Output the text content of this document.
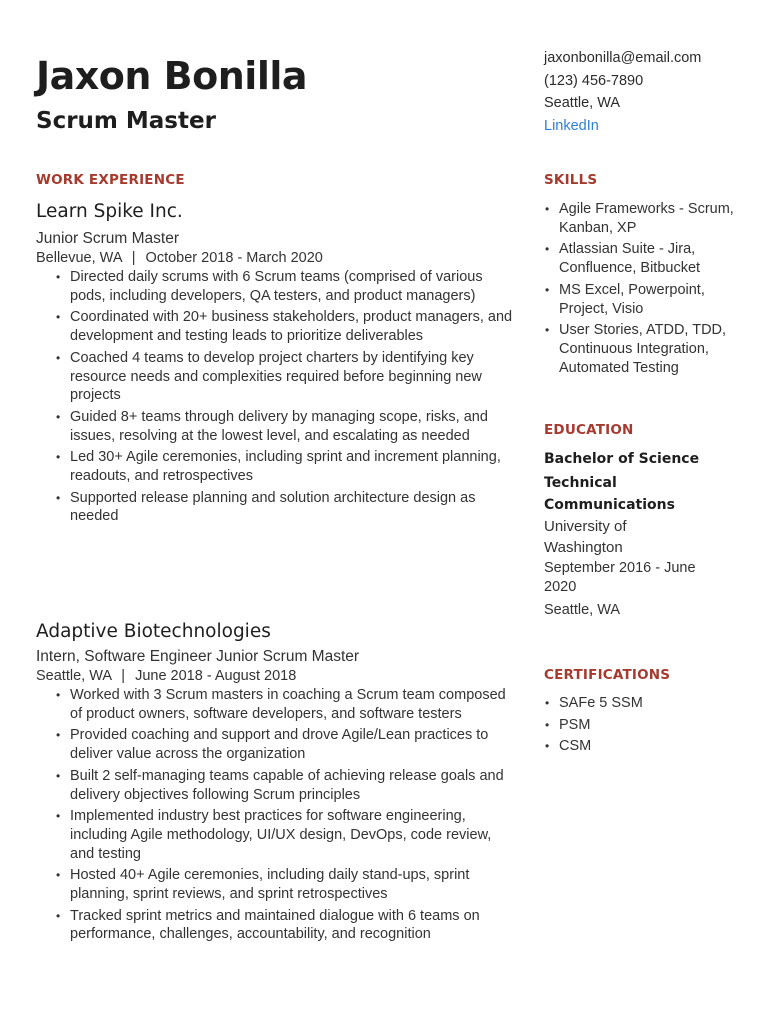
Jaxon Bonilla
Scrum Master
jaxonbonilla@email.com
(123) 456-7890
Seattle, WA
LinkedIn
WORK EXPERIENCE
Learn Spike Inc.
Junior Scrum Master
Bellevue, WA | October 2018 - March 2020
• Directed daily scrums with 6 Scrum teams (comprised of various pods, including developers, QA testers, and product managers)
• Coordinated with 20+ business stakeholders, product managers, and development and testing leads to prioritize deliverables
• Coached 4 teams to develop project charters by identifying key resource needs and complexities required before beginning new projects
• Guided 8+ teams through delivery by managing scope, risks, and issues, resolving at the lowest level, and escalating as needed
• Led 30+ Agile ceremonies, including sprint and increment planning, readouts, and retrospectives
• Supported release planning and solution architecture design as needed
Adaptive Biotechnologies
Intern, Software Engineer Junior Scrum Master
Seattle, WA | June 2018 - August 2018
• Worked with 3 Scrum masters in coaching a Scrum team composed of product owners, software developers, and software testers
• Provided coaching and support and drove Agile/Lean practices to deliver value across the organization
• Built 2 self-managing teams capable of achieving release goals and delivery objectives following Scrum principles
• Implemented industry best practices for software engineering, including Agile methodology, UI/UX design, DevOps, code review, and testing
• Hosted 40+ Agile ceremonies, including daily stand-ups, sprint planning, sprint reviews, and sprint retrospectives
• Tracked sprint metrics and maintained dialogue with 6 teams on performance, challenges, accountability, and recognition
SKILLS
• Agile Frameworks - Scrum, Kanban, XP
• Atlassian Suite - Jira, Confluence, Bitbucket
• MS Excel, Powerpoint, Project, Visio
• User Stories, ATDD, TDD, Continuous Integration, Automated Testing
EDUCATION
Bachelor of Science
Technical Communications
University of Washington
September 2016 - June 2020
Seattle, WA
CERTIFICATIONS
• SAFe 5 SSM
• PSM
• CSM
